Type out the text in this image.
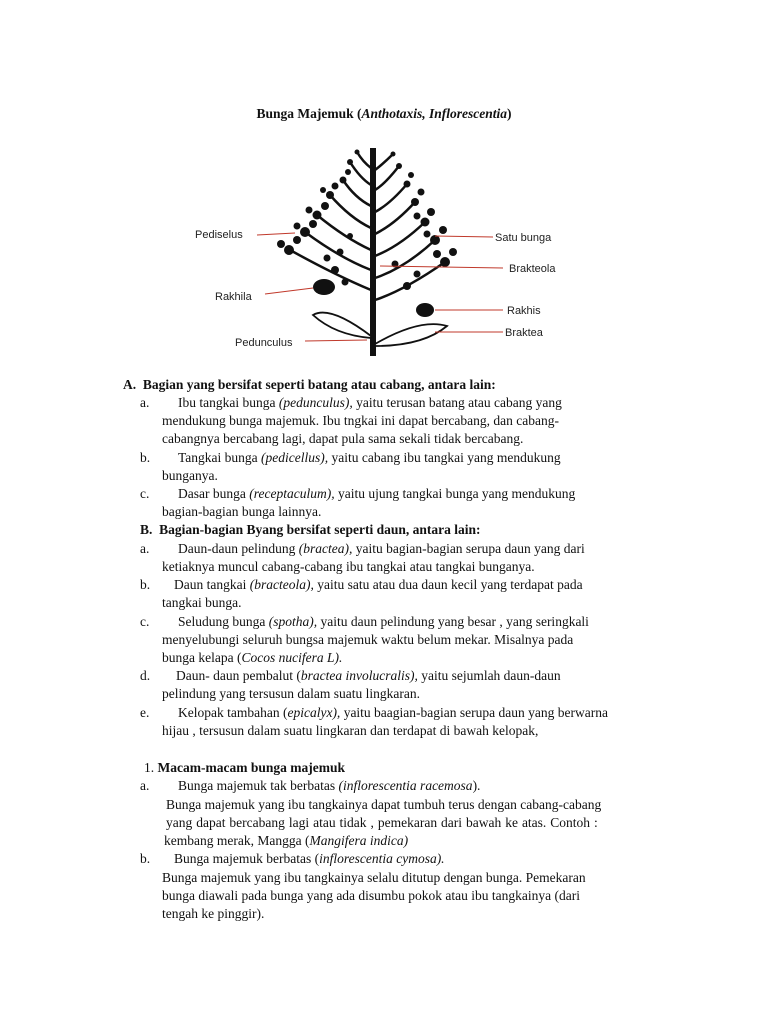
Bunga Majemuk (Anthotaxis, Inflorescentia)
Pediselus
Rakhila
Pedunculus
Satu bunga
Brakteola
Rakhis
Braktea
A. Bagian yang bersifat seperti batang atau cabang, antara lain:
a. Ibu tangkai bunga (pedunculus), yaitu terusan batang atau cabang yang
mendukung bunga majemuk. Ibu tngkai ini dapat bercabang, dan cabang-
cabangnya bercabang lagi, dapat pula sama sekali tidak bercabang.
b. Tangkai bunga (pedicellus), yaitu cabang ibu tangkai yang mendukung
bunganya.
c. Dasar bunga (receptaculum), yaitu ujung tangkai bunga yang mendukung
bagian-bagian bunga lainnya.
B. Bagian-bagian Byang bersifat seperti daun, antara lain:
a. Daun-daun pelindung (bractea), yaitu bagian-bagian serupa daun yang dari
ketiaknya muncul cabang-cabang ibu tangkai atau tangkai bunganya.
b. Daun tangkai (bracteola), yaitu satu atau dua daun kecil yang terdapat pada
tangkai bunga.
c. Seludung bunga (spotha), yaitu daun pelindung yang besar , yang seringkali
menyelubungi seluruh bungsa majemuk waktu belum mekar. Misalnya pada
bunga kelapa (Cocos nucifera L).
d. Daun- daun pembalut (bractea involucralis), yaitu sejumlah daun-daun
pelindung yang tersusun dalam suatu lingkaran.
e. Kelopak tambahan (epicalyx), yaitu baagian-bagian serupa daun yang berwarna
hijau , tersusun dalam suatu lingkaran dan terdapat di bawah kelopak,
1. Macam-macam bunga majemuk
a. Bunga majemuk tak berbatas (inflorescentia racemosa).
Bunga majemuk yang ibu tangkainya dapat tumbuh terus dengan cabang-cabang
yang dapat bercabang lagi atau tidak , pemekaran dari bawah ke atas. Contoh :
kembang merak, Mangga (Mangifera indica)
b. Bunga majemuk berbatas (inflorescentia cymosa).
Bunga majemuk yang ibu tangkainya selalu ditutup dengan bunga. Pemekaran
bunga diawali pada bunga yang ada disumbu pokok atau ibu tangkainya (dari
tengah ke pinggir).
